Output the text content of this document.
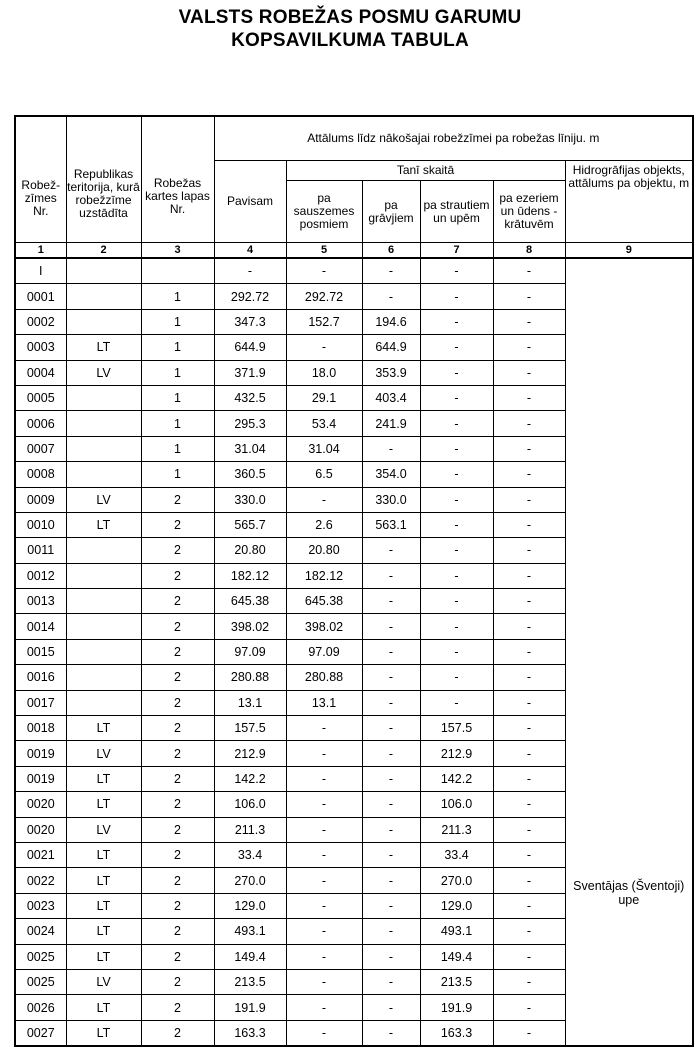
VALSTS ROBEŽAS POSMU GARUMU
KOPSAVILKUMA TABULA
Robež-zīmes Nr.	Republikas teritorija, kurā robežzīme uzstādīta	Robežas kartes lapas Nr.	Attālums līdz nākošajai robežzīmei pa robežas līniju. m					
			Pavisam	Tanī skaitā				Hidrogrāfijas objekts, attālums pa objektu, m
				pa sauszemes posmiem	pa grāvjiem	pa strautiem un upēm	pa ezeriem un ūdens - krātuvēm	
1	2	3	4	5	6	7	8	9
I			-	-	-	-	-	
0001		1	292.72	292.72	-	-	-	
0002		1	347.3	152.7	194.6	-	-	
0003	LT	1	644.9	-	644.9	-	-	
0004	LV	1	371.9	18.0	353.9	-	-	
0005		1	432.5	29.1	403.4	-	-	
0006		1	295.3	53.4	241.9	-	-	
0007		1	31.04	31.04	-	-	-	
0008		1	360.5	6.5	354.0	-	-	
0009	LV	2	330.0	-	330.0	-	-	
0010	LT	2	565.7	2.6	563.1	-	-	
0011		2	20.80	20.80	-	-	-	
0012		2	182.12	182.12	-	-	-	
0013		2	645.38	645.38	-	-	-	
0014		2	398.02	398.02	-	-	-	
0015		2	97.09	97.09	-	-	-	
0016		2	280.88	280.88	-	-	-	
0017		2	13.1	13.1	-	-	-	
0018	LT	2	157.5	-	-	157.5	-	
0019	LV	2	212.9	-	-	212.9	-	Sventājas (Šventoji) upe
0019	LT	2	142.2	-	-	142.2	-	
0020	LT	2	106.0	-	-	106.0	-	
0020	LV	2	211.3	-	-	211.3	-	
0021	LT	2	33.4	-	-	33.4	-	
0022	LT	2	270.0	-	-	270.0	-	
0023	LT	2	129.0	-	-	129.0	-	
0024	LT	2	493.1	-	-	493.1	-	
0025	LT	2	149.4	-	-	149.4	-	
0025	LV	2	213.5	-	-	213.5	-	
0026	LT	2	191.9	-	-	191.9	-	
0027	LT	2	163.3	-	-	163.3	-	
